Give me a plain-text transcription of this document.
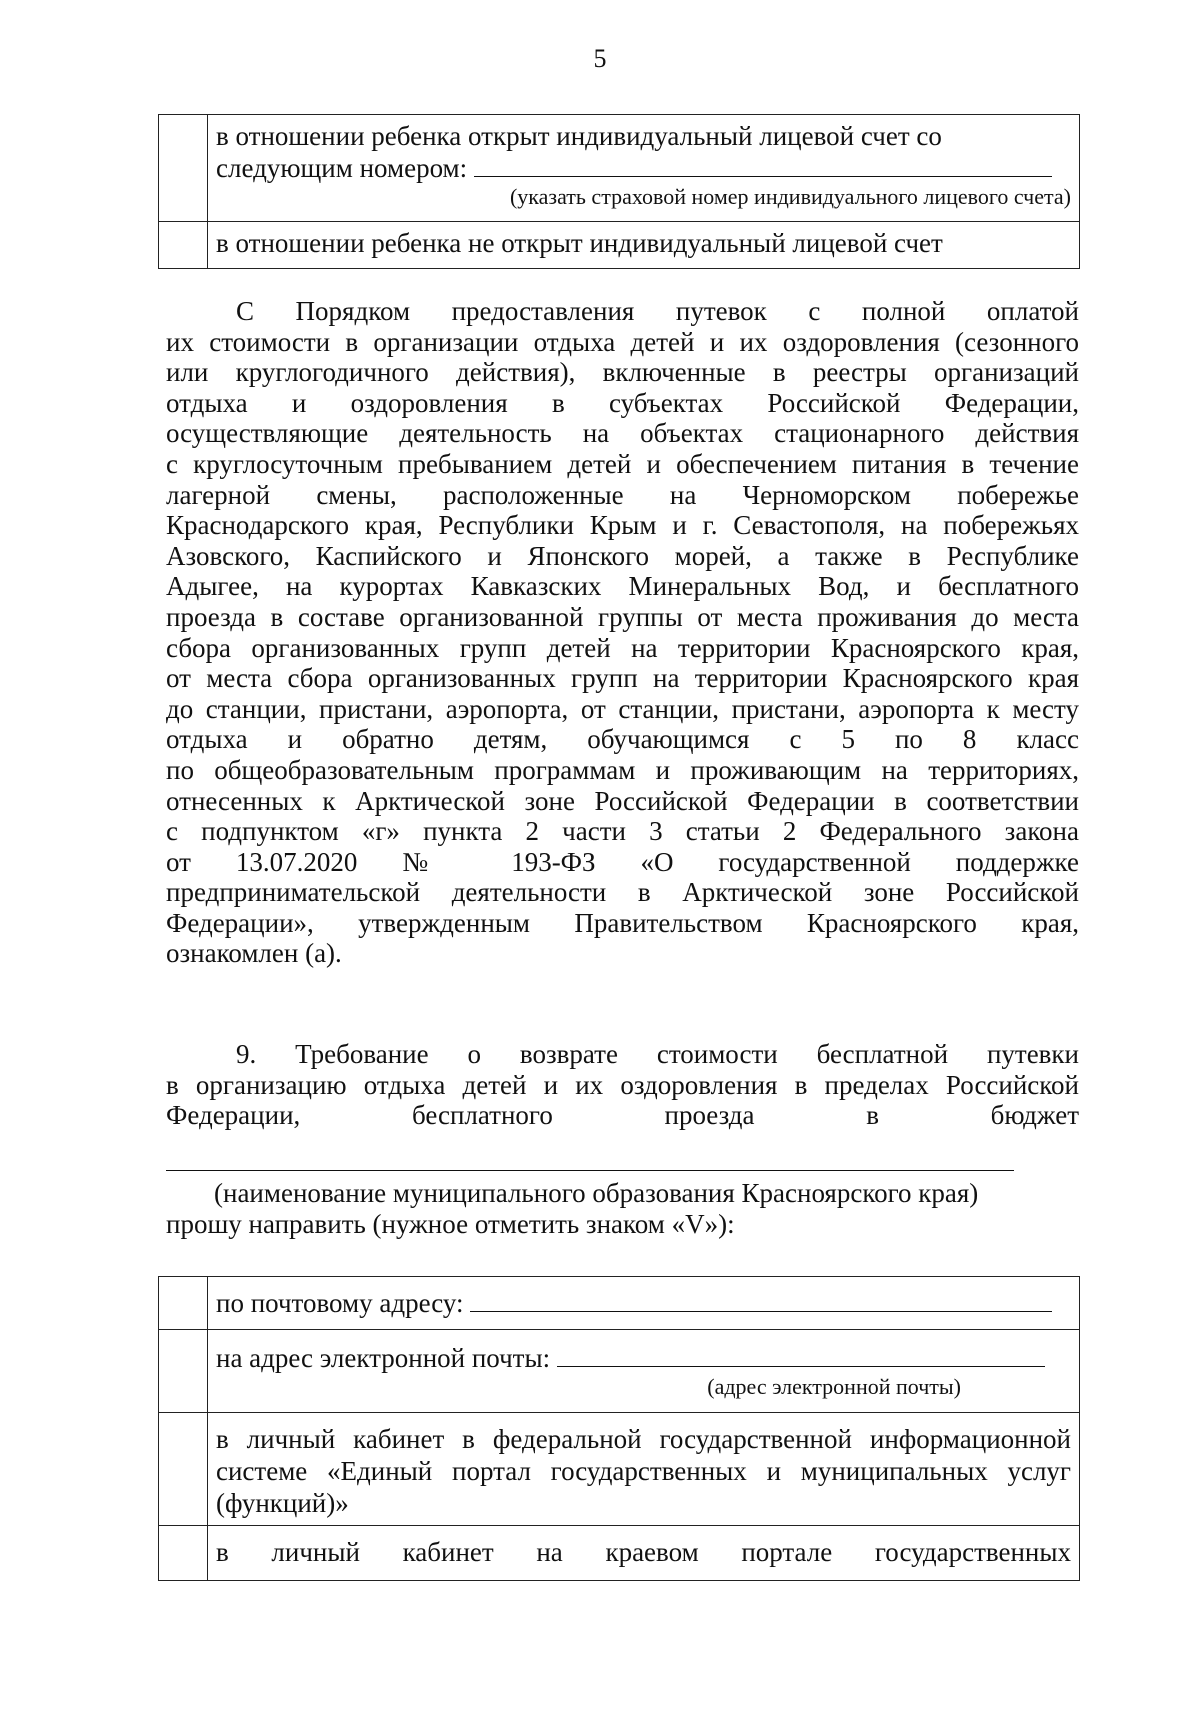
5

	в отношении ребенка открыт индивидуальный лицевой счет со
следующим номером:
(указать страховой номер индивидуального лицевого счета)

	в отношении ребенка не открыт индивидуальный лицевой счет
С Порядком предоставления путевок с полной оплатой
их стоимости в организации отдыха детей и их оздоровления (сезонного
или круглогодичного действия), включенные в реестры организаций
отдыха и оздоровления в субъектах Российской Федерации,
осуществляющие деятельность на объектах стационарного действия
с круглосуточным пребыванием детей и обеспечением питания в течение
лагерной смены, расположенные на Черноморском побережье
Краснодарского края, Республики Крым и г. Севастополя, на побережьях
Азовского, Каспийского и Японского морей, а также в Республике
Адыгее, на курортах Кавказских Минеральных Вод, и бесплатного
проезда в составе организованной группы от места проживания до места
сбора организованных групп детей на территории Красноярского края,
от места сбора организованных групп на территории Красноярского края
до станции, пристани, аэропорта, от станции, пристани, аэропорта к месту
отдыха и обратно детям, обучающимся с 5 по 8 класс
по общеобразовательным программам и проживающим на территориях,
отнесенных к Арктической зоне Российской Федерации в соответствии
с подпунктом «г» пункта 2 части 3 статьи 2 Федерального закона
от 13.07.2020 № 193-ФЗ «О государственной поддержке
предпринимательской деятельности в Арктической зоне Российской
Федерации», утвержденным Правительством Красноярского края,
ознакомлен (а).
9. Требование о возврате стоимости бесплатной путевки
в организацию отдыха детей и их оздоровления в пределах Российской
Федерации, бесплатного проезда в бюджет
(наименование муниципального образования Красноярского края)
прошу направить (нужное отметить знаком «V»):
	по почтовому адресу:

	на адрес электронной почты:
(адрес электронной почты)

	в личный кабинет в федеральной государственной информационной
системе «Единый портал государственных и муниципальных услуг
(функций)»

	в личный кабинет на краевом портале государственных
